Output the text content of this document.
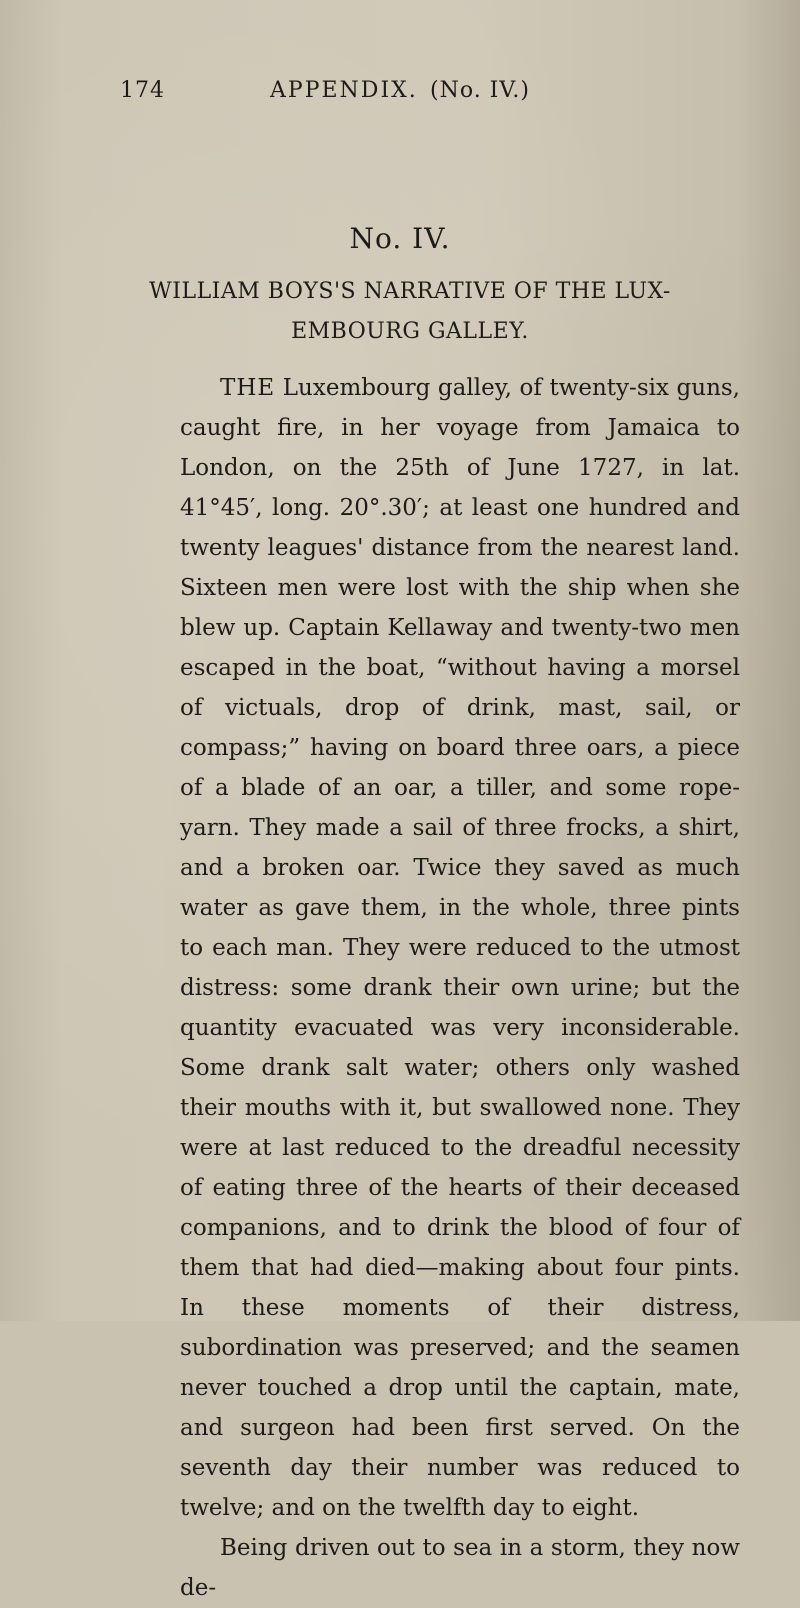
174	APPENDIX. (No. IV.)
No. IV.
WILLIAM BOYS'S NARRATIVE OF THE LUX-EMBOURG GALLEY.

THE Luxembourg galley, of twenty-six guns, caught fire, in her voyage from Jamaica to London, on the 25th of June 1727, in lat. 41°45′, long. 20°.30′; at least one hundred and twenty leagues' distance from the nearest land. Sixteen men were lost with the ship when she blew up. Captain Kellaway and twenty-two men escaped in the boat, “without having a morsel of victuals, drop of drink, mast, sail, or compass;” having on board three oars, a piece of a blade of an oar, a tiller, and some rope-yarn. They made a sail of three frocks, a shirt, and a broken oar. Twice they saved as much water as gave them, in the whole, three pints to each man. They were reduced to the utmost distress: some drank their own urine; but the quantity evacuated was very inconsiderable. Some drank salt water; others only washed their mouths with it, but swallowed none. They were at last reduced to the dreadful necessity of eating three of the hearts of their deceased companions, and to drink the blood of four of them that had died—making about four pints. In these moments of their distress, subordination was preserved; and the seamen never touched a drop until the captain, mate, and surgeon had been first served. On the seventh day their number was reduced to twelve; and on the twelfth day to eight.

Being driven out to sea in a storm, they now de-
